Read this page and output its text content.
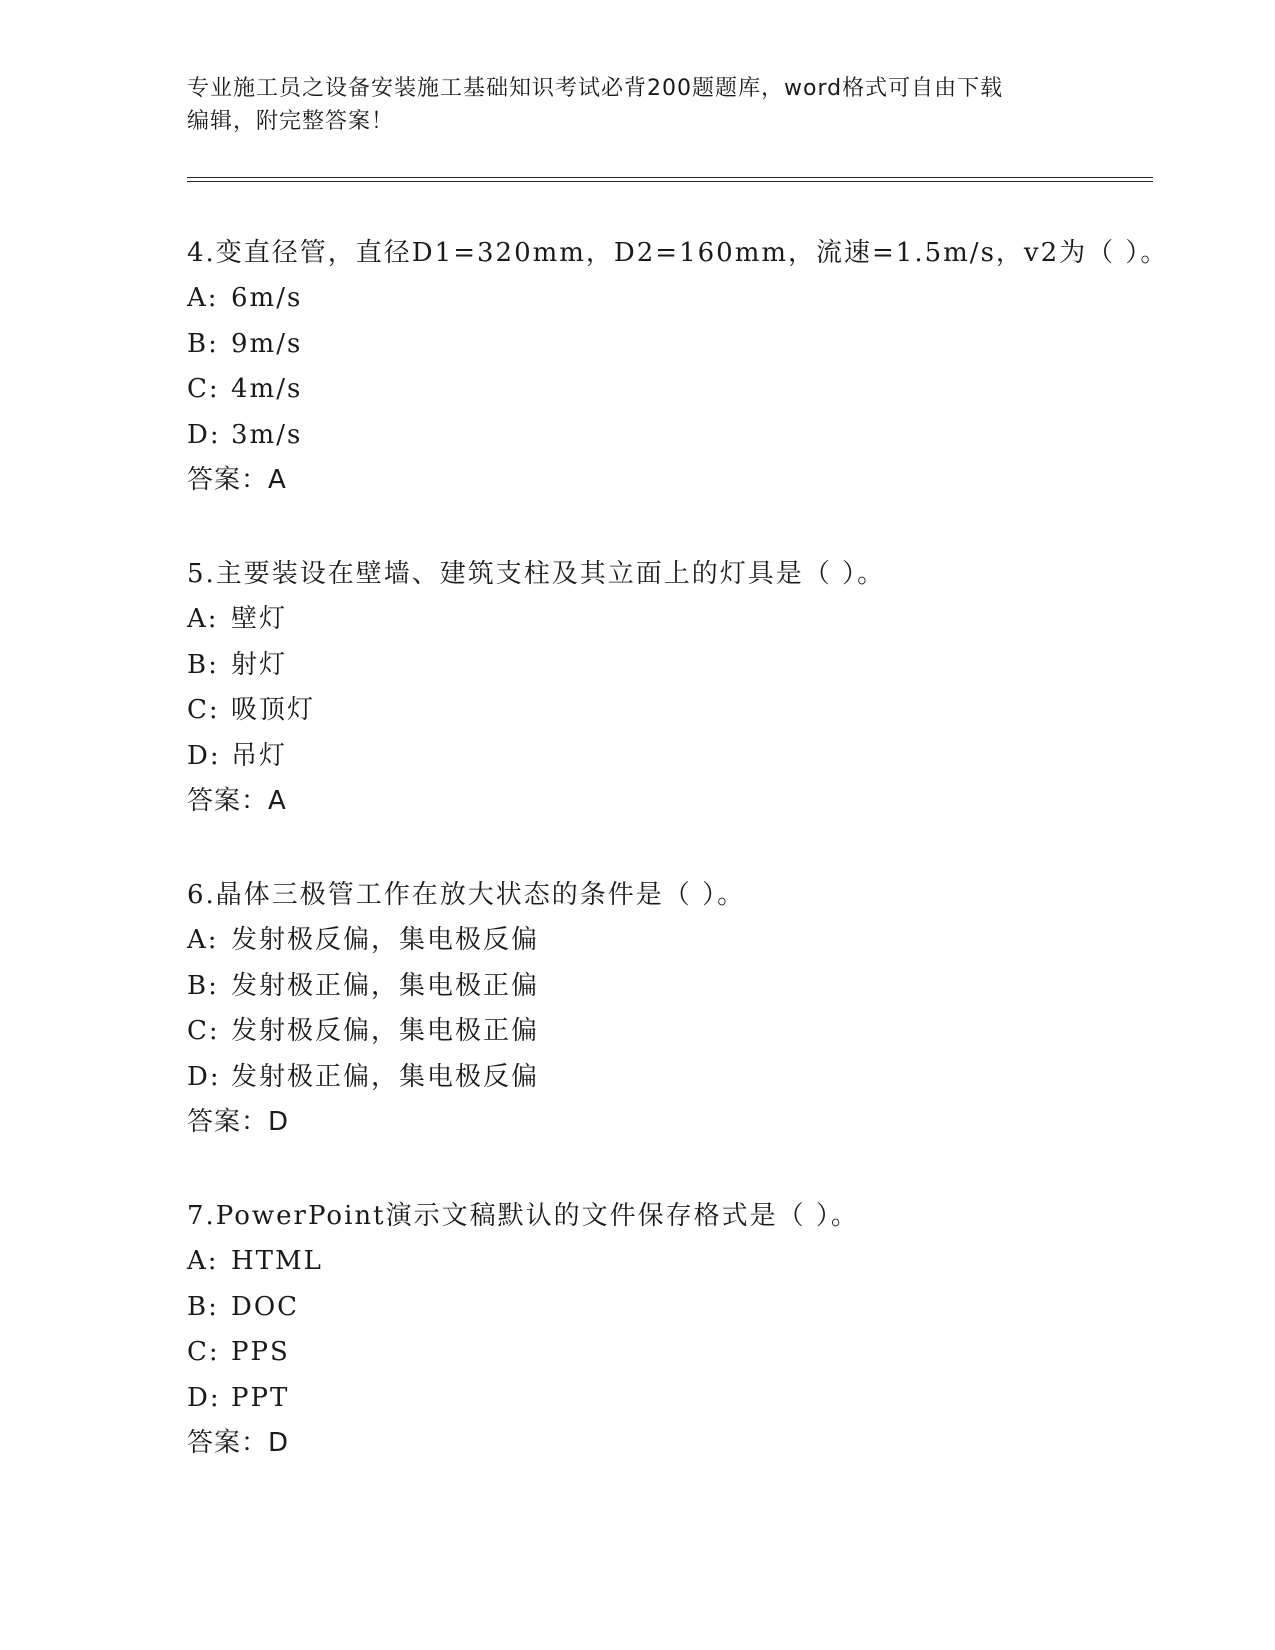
专业施工员之设备安装施工基础知识考试必背200题题库，word格式可自由下载
编辑，附完整答案！
4.变直径管，直径D1=320mm，D2=160mm，流速=1.5m/s，v2为（ ）。
A: 6m/s
B: 9m/s
C: 4m/s
D: 3m/s
答案：A
5.主要装设在壁墙、建筑支柱及其立面上的灯具是（ ）。
A: 壁灯
B: 射灯
C: 吸顶灯
D: 吊灯
答案：A
6.晶体三极管工作在放大状态的条件是（ ）。
A: 发射极反偏，集电极反偏
B: 发射极正偏，集电极正偏
C: 发射极反偏，集电极正偏
D: 发射极正偏，集电极反偏
答案：D
7.PowerPoint演示文稿默认的文件保存格式是（ ）。
A: HTML
B: DOC
C: PPS
D: PPT
答案：D
